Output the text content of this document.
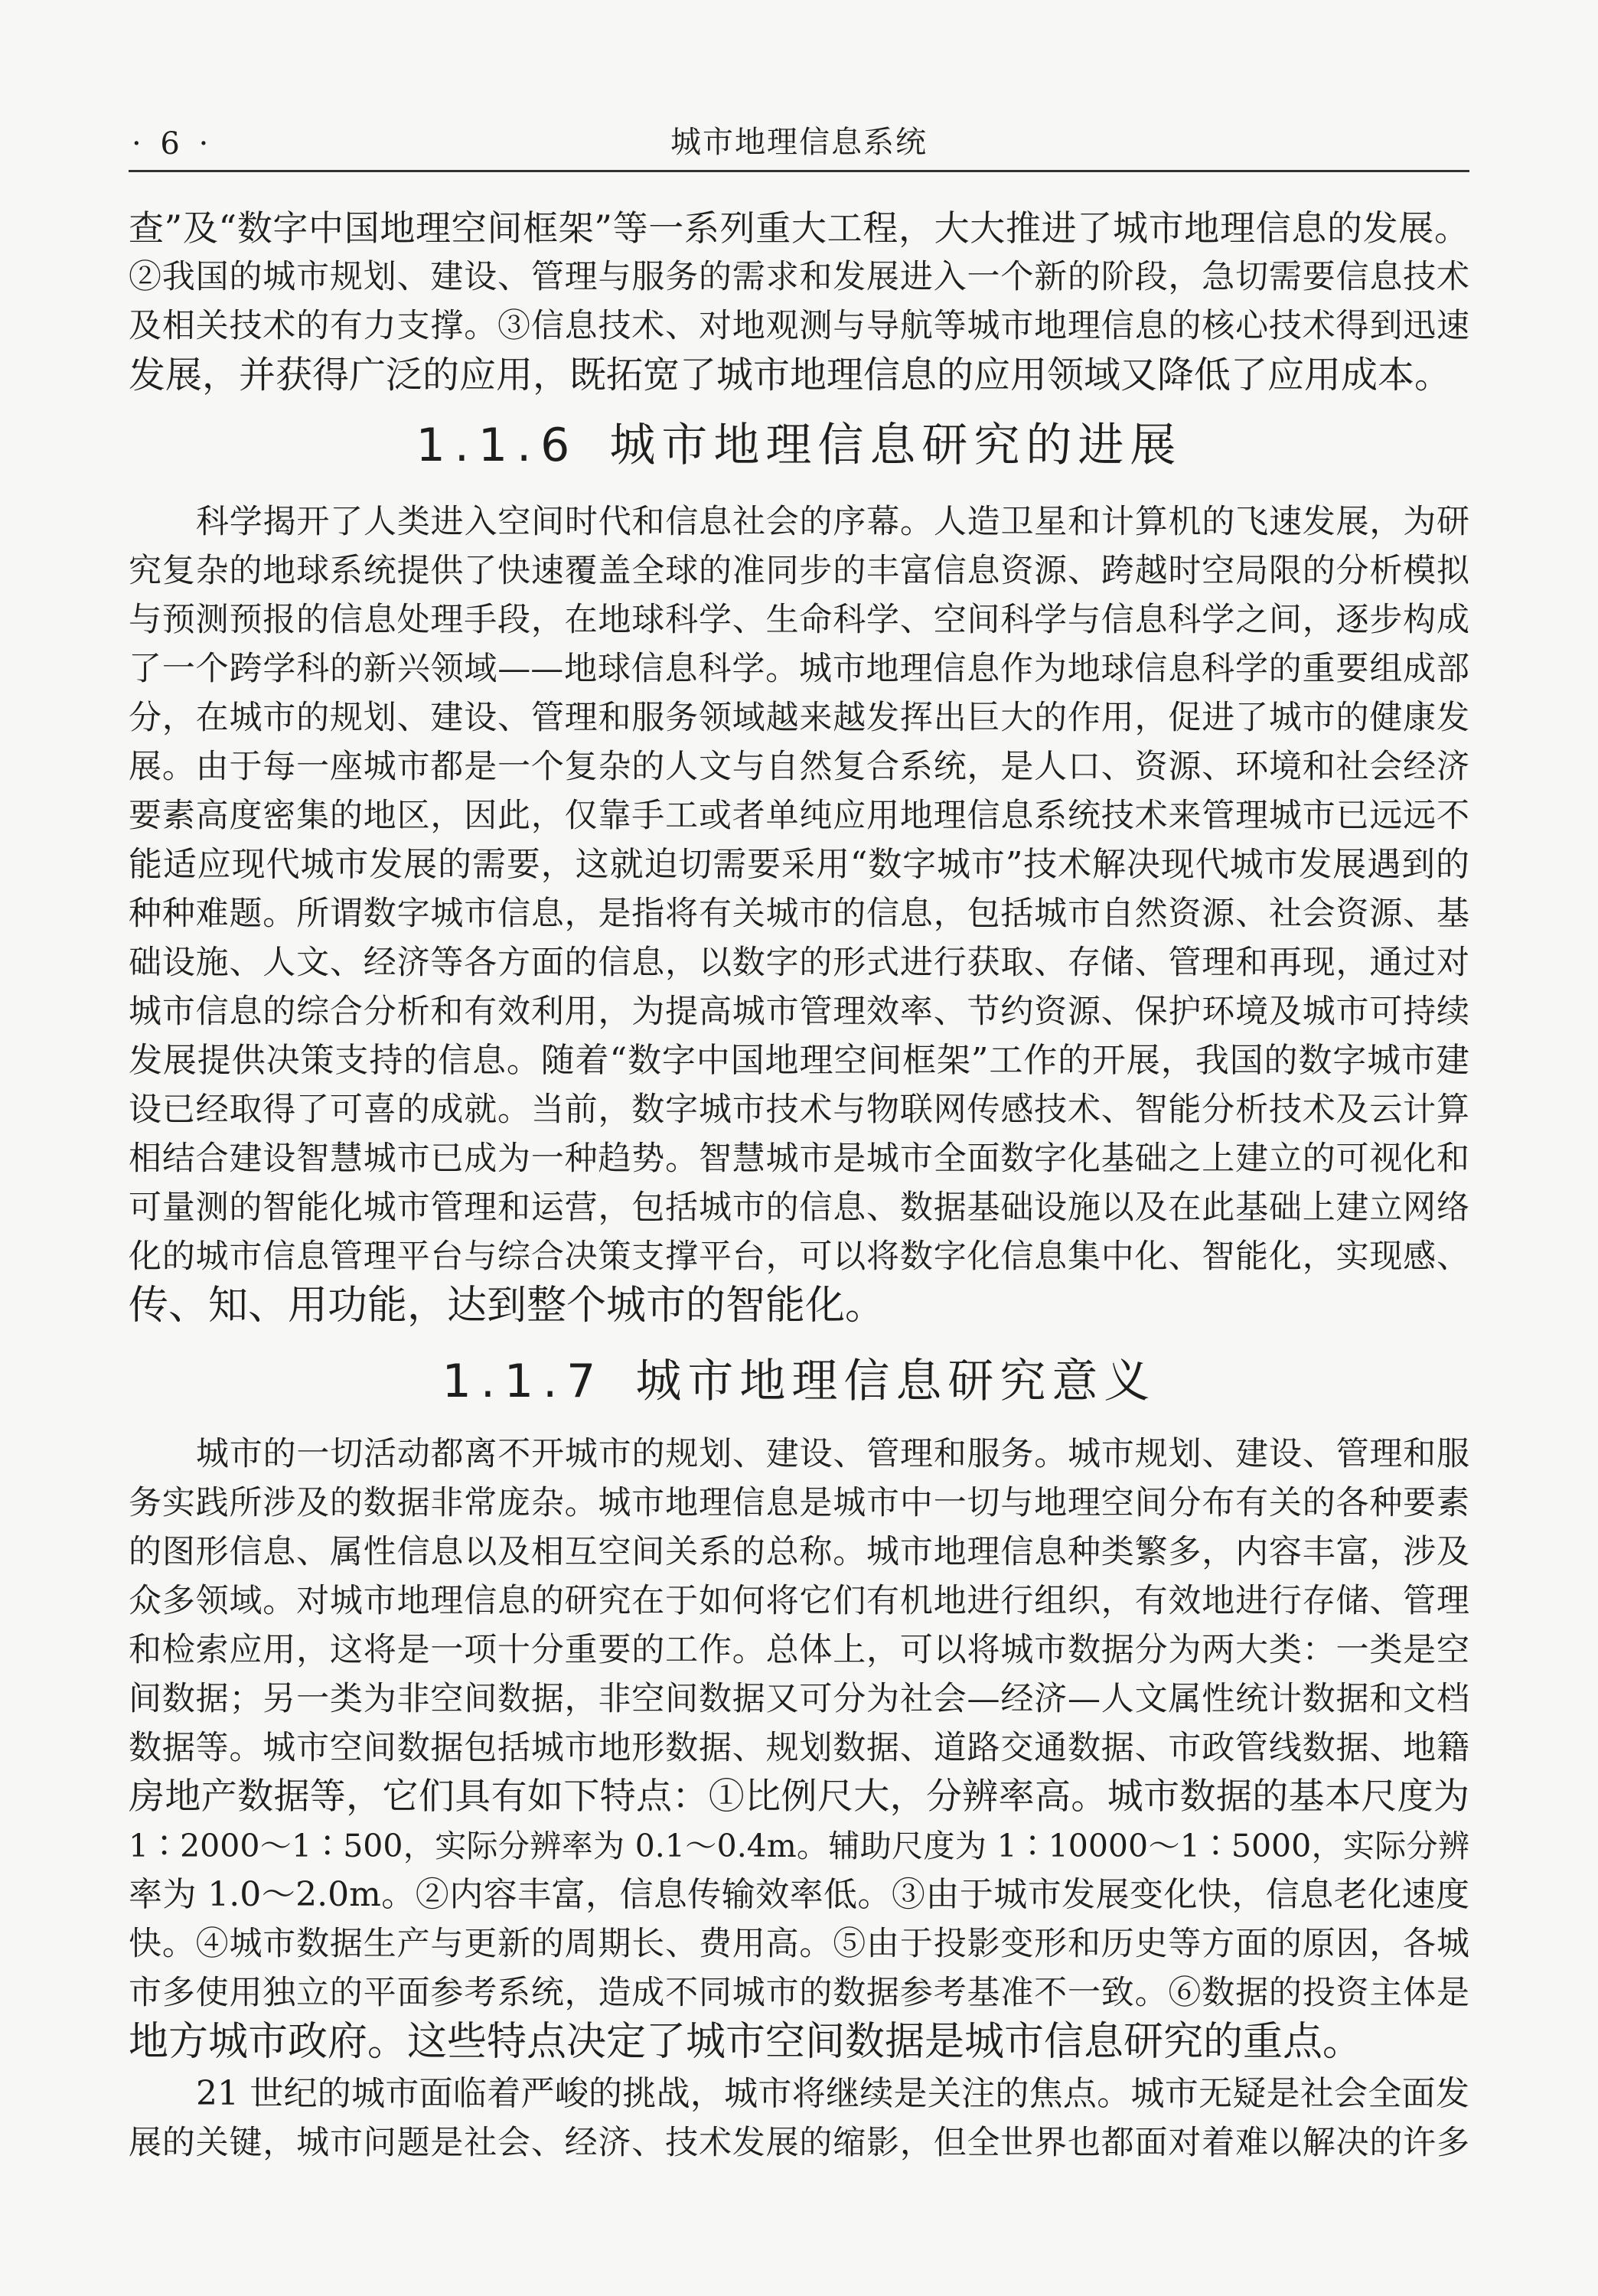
· 6 ·	城市地理信息系统
查”及“数字中国地理空间框架”等一系列重大工程，大大推进了城市地理信息的发展。
②我国的城市规划、建设、管理与服务的需求和发展进入一个新的阶段，急切需要信息技术
及相关技术的有力支撑。③信息技术、对地观测与导航等城市地理信息的核心技术得到迅速
发展，并获得广泛的应用，既拓宽了城市地理信息的应用领域又降低了应用成本。
1.1.6 城市地理信息研究的进展
科学揭开了人类进入空间时代和信息社会的序幕。人造卫星和计算机的飞速发展，为研
究复杂的地球系统提供了快速覆盖全球的准同步的丰富信息资源、跨越时空局限的分析模拟
与预测预报的信息处理手段，在地球科学、生命科学、空间科学与信息科学之间，逐步构成
了一个跨学科的新兴领域——地球信息科学。城市地理信息作为地球信息科学的重要组成部
分，在城市的规划、建设、管理和服务领域越来越发挥出巨大的作用，促进了城市的健康发
展。由于每一座城市都是一个复杂的人文与自然复合系统，是人口、资源、环境和社会经济
要素高度密集的地区，因此，仅靠手工或者单纯应用地理信息系统技术来管理城市已远远不
能适应现代城市发展的需要，这就迫切需要采用“数字城市”技术解决现代城市发展遇到的
种种难题。所谓数字城市信息，是指将有关城市的信息，包括城市自然资源、社会资源、基
础设施、人文、经济等各方面的信息，以数字的形式进行获取、存储、管理和再现，通过对
城市信息的综合分析和有效利用，为提高城市管理效率、节约资源、保护环境及城市可持续
发展提供决策支持的信息。随着“数字中国地理空间框架”工作的开展，我国的数字城市建
设已经取得了可喜的成就。当前，数字城市技术与物联网传感技术、智能分析技术及云计算
相结合建设智慧城市已成为一种趋势。智慧城市是城市全面数字化基础之上建立的可视化和
可量测的智能化城市管理和运营，包括城市的信息、数据基础设施以及在此基础上建立网络
化的城市信息管理平台与综合决策支撑平台，可以将数字化信息集中化、智能化，实现感、
传、知、用功能，达到整个城市的智能化。
1.1.7 城市地理信息研究意义
城市的一切活动都离不开城市的规划、建设、管理和服务。城市规划、建设、管理和服
务实践所涉及的数据非常庞杂。城市地理信息是城市中一切与地理空间分布有关的各种要素
的图形信息、属性信息以及相互空间关系的总称。城市地理信息种类繁多，内容丰富，涉及
众多领域。对城市地理信息的研究在于如何将它们有机地进行组织，有效地进行存储、管理
和检索应用，这将是一项十分重要的工作。总体上，可以将城市数据分为两大类：一类是空
间数据；另一类为非空间数据，非空间数据又可分为社会—经济—人文属性统计数据和文档
数据等。城市空间数据包括城市地形数据、规划数据、道路交通数据、市政管线数据、地籍
房地产数据等，它们具有如下特点：①比例尺大，分辨率高。城市数据的基本尺度为
1∶2000～1∶500，实际分辨率为 0.1～0.4m。辅助尺度为 1∶10000～1∶5000，实际分辨
率为 1.0～2.0m。②内容丰富，信息传输效率低。③由于城市发展变化快，信息老化速度
快。④城市数据生产与更新的周期长、费用高。⑤由于投影变形和历史等方面的原因，各城
市多使用独立的平面参考系统，造成不同城市的数据参考基准不一致。⑥数据的投资主体是
地方城市政府。这些特点决定了城市空间数据是城市信息研究的重点。
21 世纪的城市面临着严峻的挑战，城市将继续是关注的焦点。城市无疑是社会全面发
展的关键，城市问题是社会、经济、技术发展的缩影，但全世界也都面对着难以解决的许多
